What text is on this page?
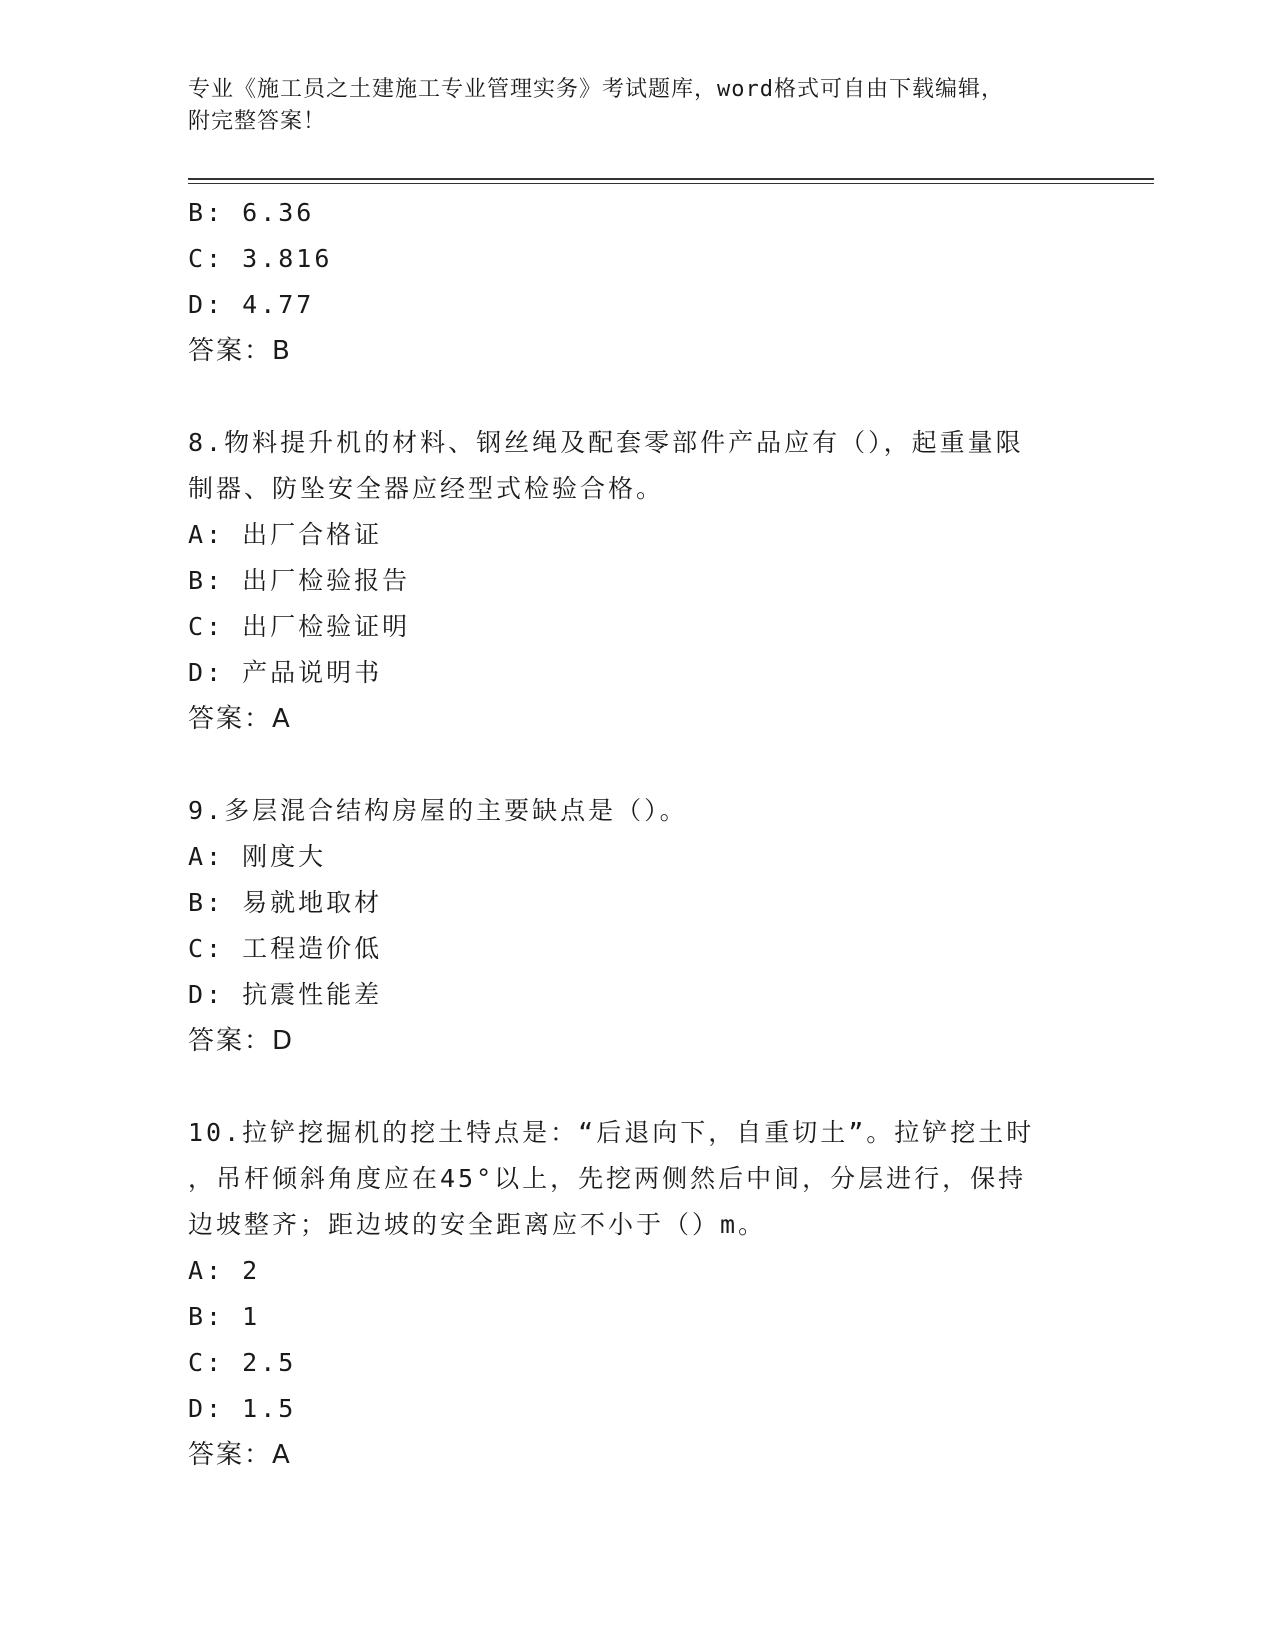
专业《施工员之土建施工专业管理实务》考试题库，word格式可自由下载编辑，
附完整答案！
B: 6.36
C: 3.816
D: 4.77
答案：B
8.物料提升机的材料、钢丝绳及配套零部件产品应有（），起重量限
制器、防坠安全器应经型式检验合格。
A: 出厂合格证
B: 出厂检验报告
C: 出厂检验证明
D: 产品说明书
答案：A
9.多层混合结构房屋的主要缺点是（）。
A: 刚度大
B: 易就地取材
C: 工程造价低
D: 抗震性能差
答案：D
10.拉铲挖掘机的挖土特点是：“后退向下，自重切土”。拉铲挖土时
，吊杆倾斜角度应在45°以上，先挖两侧然后中间，分层进行，保持
边坡整齐；距边坡的安全距离应不小于（）m。
A: 2
B: 1
C: 2.5
D: 1.5
答案：A
